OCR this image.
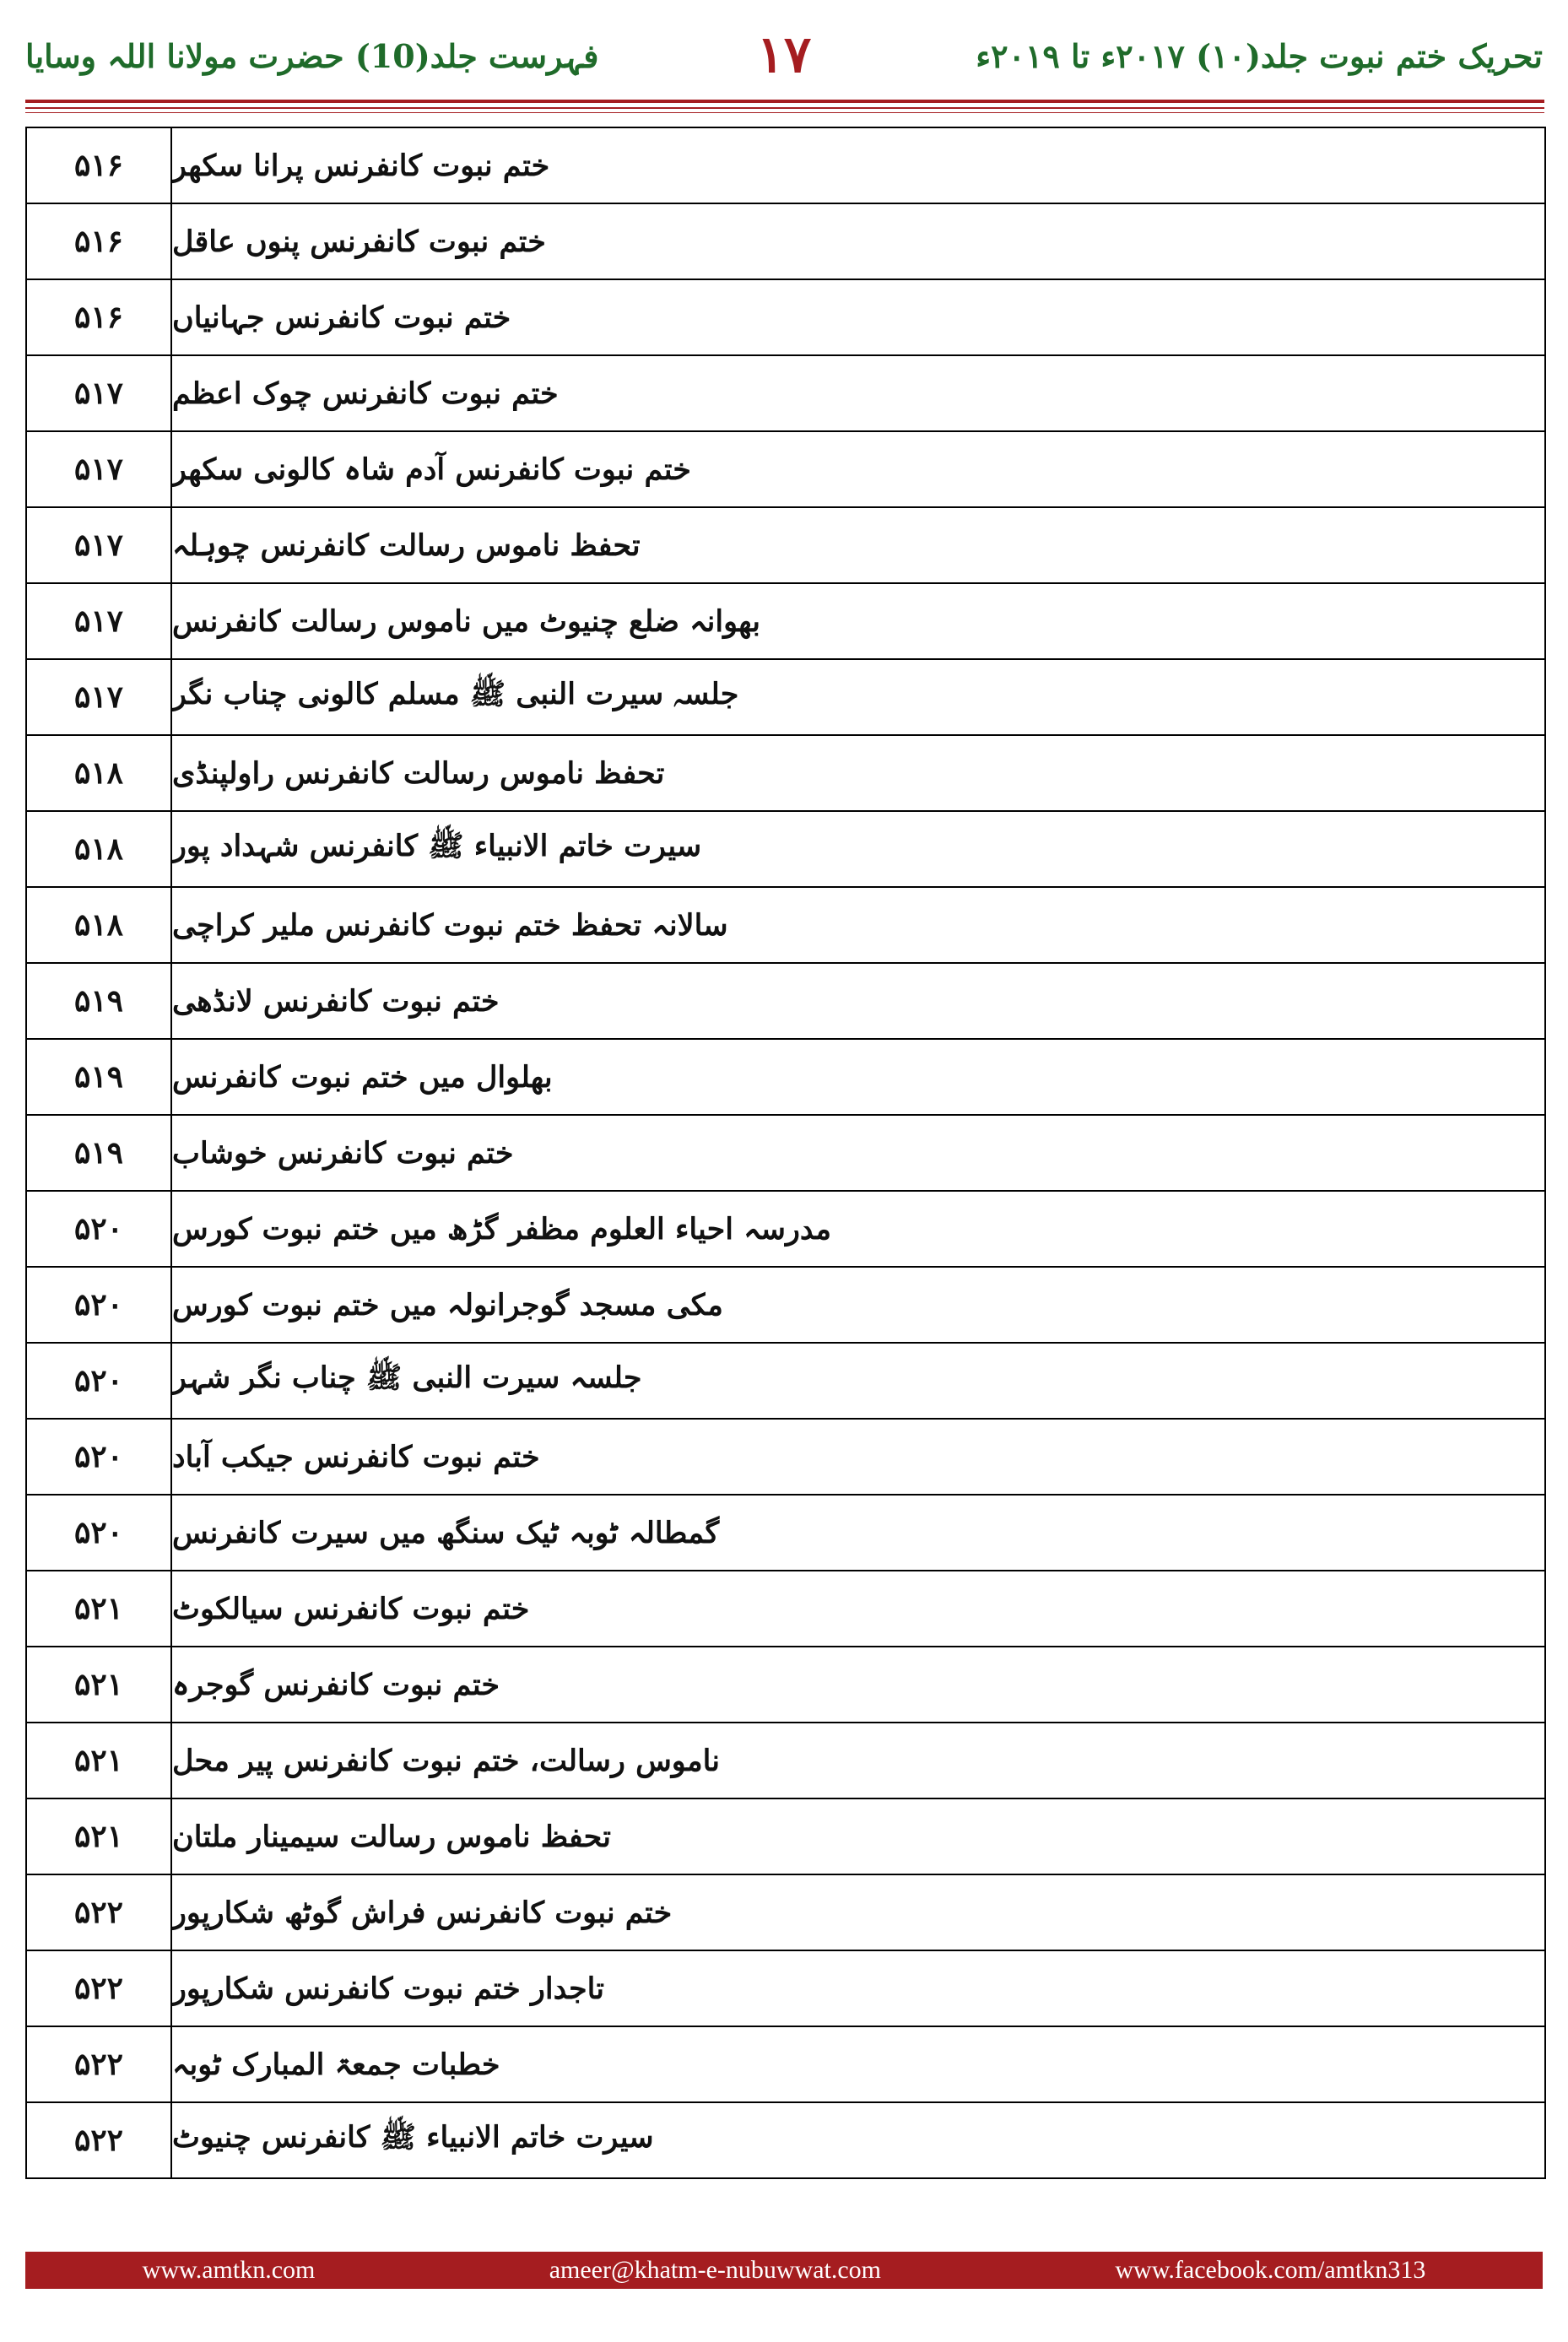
فہرست جلد(10) حضرت مولانا اللہ وسایا	۱۷	تحریک ختم نبوت جلد(۱۰) ۲۰۱۷ء تا ۲۰۱۹ء
۵۱۶	ختم نبوت کانفرنس پرانا سکھر
۵۱۶	ختم نبوت کانفرنس پنوں عاقل
۵۱۶	ختم نبوت کانفرنس جہانیاں
۵۱۷	ختم نبوت کانفرنس چوک اعظم
۵۱۷	ختم نبوت کانفرنس آدم شاہ کالونی سکھر
۵۱۷	تحفظ ناموس رسالت کانفرنس چوہلہ
۵۱۷	بھوانہ ضلع چنیوٹ میں ناموس رسالت کانفرنس
۵۱۷	جلسہ سیرت النبی ﷺ مسلم کالونی چناب نگر
۵۱۸	تحفظ ناموس رسالت کانفرنس راولپنڈی
۵۱۸	سیرت خاتم الانبیاء ﷺ کانفرنس شہداد پور
۵۱۸	سالانہ تحفظ ختم نبوت کانفرنس ملیر کراچی
۵۱۹	ختم نبوت کانفرنس لانڈھی
۵۱۹	بھلوال میں ختم نبوت کانفرنس
۵۱۹	ختم نبوت کانفرنس خوشاب
۵۲۰	مدرسہ احیاء العلوم مظفر گڑھ میں ختم نبوت کورس
۵۲۰	مکی مسجد گوجرانولہ میں ختم نبوت کورس
۵۲۰	جلسہ سیرت النبی ﷺ چناب نگر شہر
۵۲۰	ختم نبوت کانفرنس جیکب آباد
۵۲۰	گمطالہ ٹوبہ ٹیک سنگھ میں سیرت کانفرنس
۵۲۱	ختم نبوت کانفرنس سیالکوٹ
۵۲۱	ختم نبوت کانفرنس گوجرہ
۵۲۱	ناموس رسالت، ختم نبوت کانفرنس پیر محل
۵۲۱	تحفظ ناموس رسالت سیمینار ملتان
۵۲۲	ختم نبوت کانفرنس فراش گوٹھ شکارپور
۵۲۲	تاجدار ختم نبوت کانفرنس شکارپور
۵۲۲	خطبات جمعۃ المبارک ٹوبہ
۵۲۲	سیرت خاتم الانبیاء ﷺ کانفرنس چنیوٹ
www.amtkn.com	ameer@khatm-e-nubuwwat.com	www.facebook.com/amtkn313
